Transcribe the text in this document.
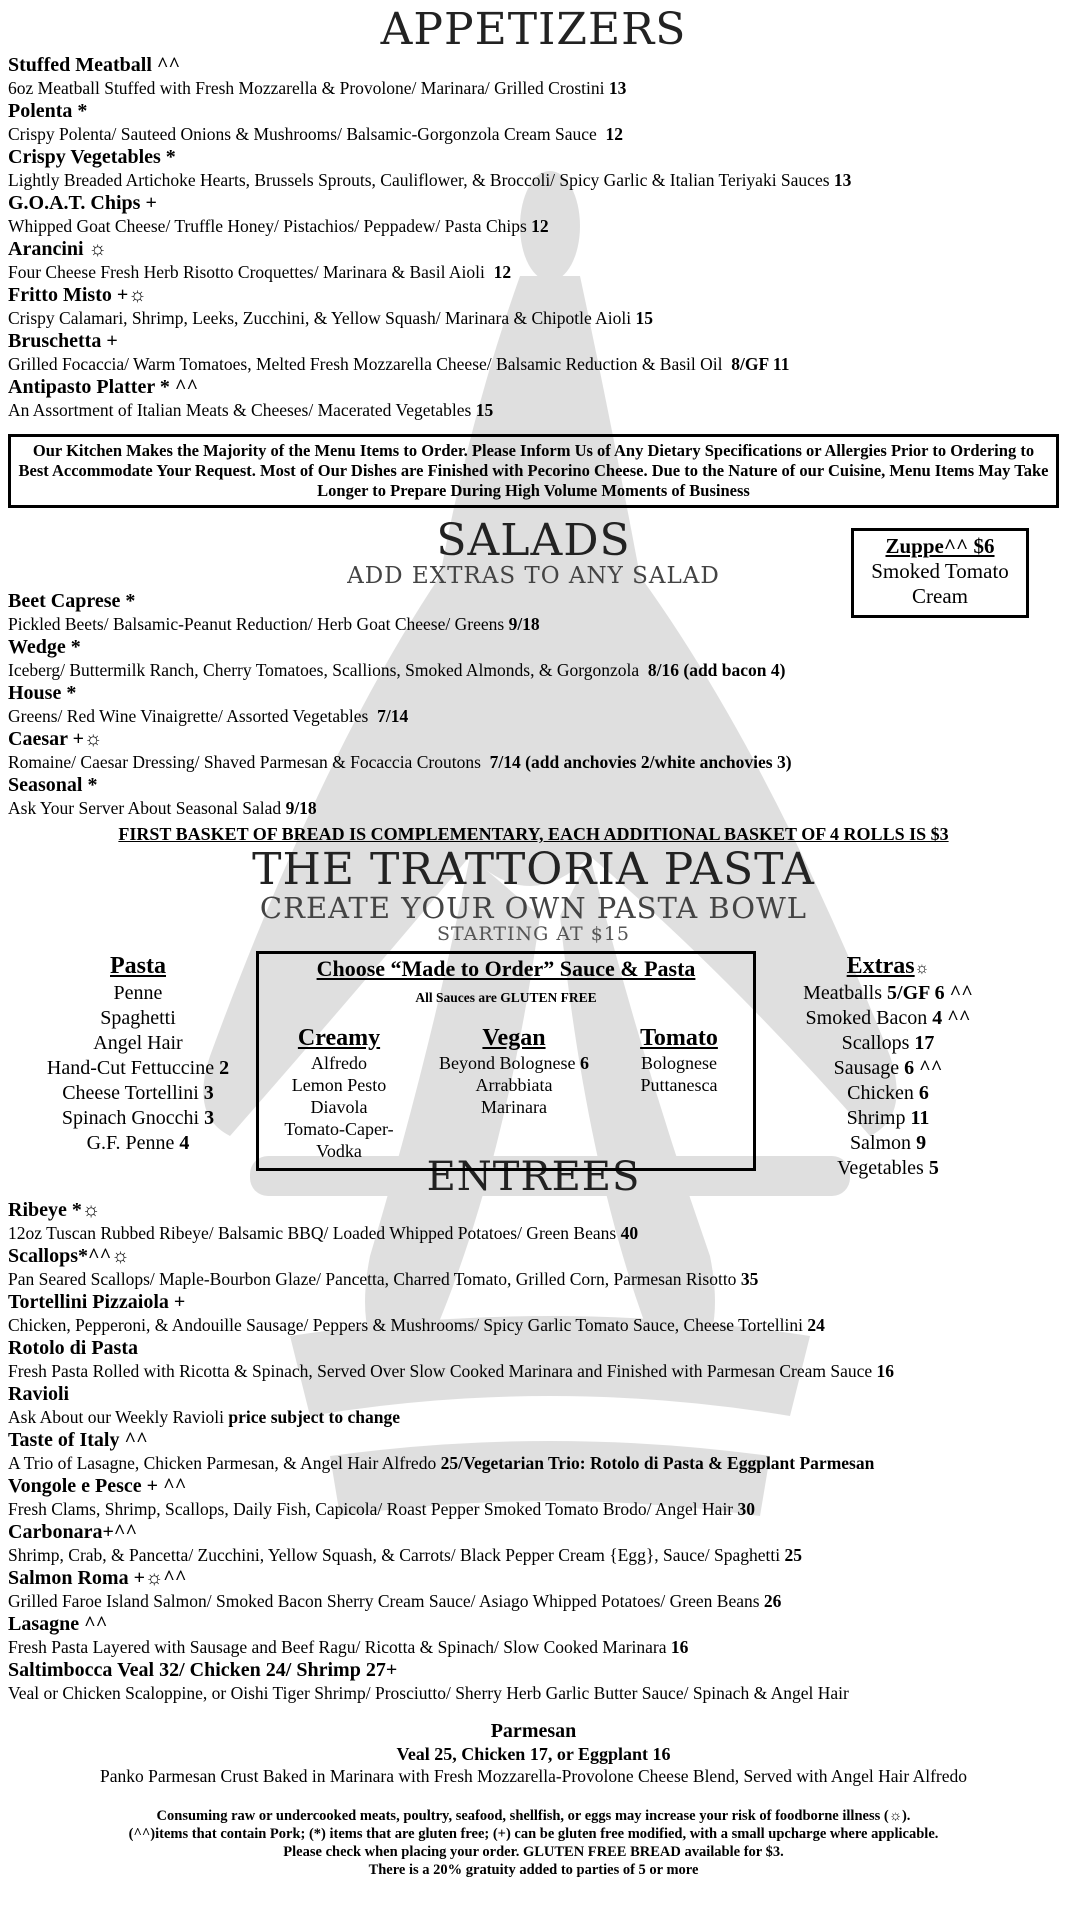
APPETIZERS
Stuffed Meatball ^^
6oz Meatball Stuffed with Fresh Mozzarella & Provolone/ Marinara/ Grilled Crostini 13
Polenta *
Crispy Polenta/ Sauteed Onions & Mushrooms/ Balsamic-Gorgonzola Cream Sauce 12
Crispy Vegetables *
Lightly Breaded Artichoke Hearts, Brussels Sprouts, Cauliflower, & Broccoli/ Spicy Garlic & Italian Teriyaki Sauces 13
G.O.A.T. Chips +
Whipped Goat Cheese/ Truffle Honey/ Pistachios/ Peppadew/ Pasta Chips 12
Arancini ☼
Four Cheese Fresh Herb Risotto Croquettes/ Marinara & Basil Aioli 12
Fritto Misto +☼
Crispy Calamari, Shrimp, Leeks, Zucchini, & Yellow Squash/ Marinara & Chipotle Aioli 15
Bruschetta +
Grilled Focaccia/ Warm Tomatoes, Melted Fresh Mozzarella Cheese/ Balsamic Reduction & Basil Oil 8/GF 11
Antipasto Platter * ^^
An Assortment of Italian Meats & Cheeses/ Macerated Vegetables 15
Our Kitchen Makes the Majority of the Menu Items to Order. Please Inform Us of Any Dietary Specifications or Allergies Prior to Ordering to Best Accommodate Your Request. Most of Our Dishes are Finished with Pecorino Cheese. Due to the Nature of our Cuisine, Menu Items May Take Longer to Prepare During High Volume Moments of Business
SALADS
ADD EXTRAS TO ANY SALAD
Zuppe^^ $6
Smoked Tomato Cream
Beet Caprese *
Pickled Beets/ Balsamic-Peanut Reduction/ Herb Goat Cheese/ Greens 9/18
Wedge *
Iceberg/ Buttermilk Ranch, Cherry Tomatoes, Scallions, Smoked Almonds, & Gorgonzola 8/16 (add bacon 4)
House *
Greens/ Red Wine Vinaigrette/ Assorted Vegetables 7/14
Caesar +☼
Romaine/ Caesar Dressing/ Shaved Parmesan & Focaccia Croutons 7/14 (add anchovies 2/white anchovies 3)
Seasonal *
Ask Your Server About Seasonal Salad 9/18
FIRST BASKET OF BREAD IS COMPLEMENTARY, EACH ADDITIONAL BASKET OF 4 ROLLS IS $3
THE TRATTORIA PASTA
CREATE YOUR OWN PASTA BOWL
STARTING AT $15
Pasta
Penne
Spaghetti
Angel Hair
Hand-Cut Fettuccine 2
Cheese Tortellini 3
Spinach Gnocchi 3
G.F. Penne 4
Choose “Made to Order” Sauce & Pasta
All Sauces are GLUTEN FREE
Creamy
Alfredo
Lemon Pesto
Diavola
Tomato-Caper-
Vodka
Vegan
Beyond Bolognese 6
Arrabbiata
Marinara
Tomato
Bolognese
Puttanesca
Extras☼
Meatballs 5/GF 6 ^^
Smoked Bacon 4 ^^
Scallops 17
Sausage 6 ^^
Chicken 6
Shrimp 11
Salmon 9
Vegetables 5
ENTREES
Ribeye *☼
12oz Tuscan Rubbed Ribeye/ Balsamic BBQ/ Loaded Whipped Potatoes/ Green Beans 40
Scallops*^^☼
Pan Seared Scallops/ Maple-Bourbon Glaze/ Pancetta, Charred Tomato, Grilled Corn, Parmesan Risotto 35
Tortellini Pizzaiola +
Chicken, Pepperoni, & Andouille Sausage/ Peppers & Mushrooms/ Spicy Garlic Tomato Sauce, Cheese Tortellini 24
Rotolo di Pasta
Fresh Pasta Rolled with Ricotta & Spinach, Served Over Slow Cooked Marinara and Finished with Parmesan Cream Sauce 16
Ravioli
Ask About our Weekly Ravioli price subject to change
Taste of Italy ^^
A Trio of Lasagne, Chicken Parmesan, & Angel Hair Alfredo 25/Vegetarian Trio: Rotolo di Pasta & Eggplant Parmesan
Vongole e Pesce + ^^
Fresh Clams, Shrimp, Scallops, Daily Fish, Capicola/ Roast Pepper Smoked Tomato Brodo/ Angel Hair 30
Carbonara+^^
Shrimp, Crab, & Pancetta/ Zucchini, Yellow Squash, & Carrots/ Black Pepper Cream {Egg}, Sauce/ Spaghetti 25
Salmon Roma +☼^^
Grilled Faroe Island Salmon/ Smoked Bacon Sherry Cream Sauce/ Asiago Whipped Potatoes/ Green Beans 26
Lasagne ^^
Fresh Pasta Layered with Sausage and Beef Ragu/ Ricotta & Spinach/ Slow Cooked Marinara 16
Saltimbocca Veal 32/ Chicken 24/ Shrimp 27+
Veal or Chicken Scaloppine, or Oishi Tiger Shrimp/ Prosciutto/ Sherry Herb Garlic Butter Sauce/ Spinach & Angel Hair
Parmesan
Veal 25, Chicken 17, or Eggplant 16
Panko Parmesan Crust Baked in Marinara with Fresh Mozzarella-Provolone Cheese Blend, Served with Angel Hair Alfredo
Consuming raw or undercooked meats, poultry, seafood, shellfish, or eggs may increase your risk of foodborne illness (☼).
(^^)items that contain Pork; (*) items that are gluten free; (+) can be gluten free modified, with a small upcharge where applicable.
Please check when placing your order. GLUTEN FREE BREAD available for $3.
There is a 20% gratuity added to parties of 5 or more
